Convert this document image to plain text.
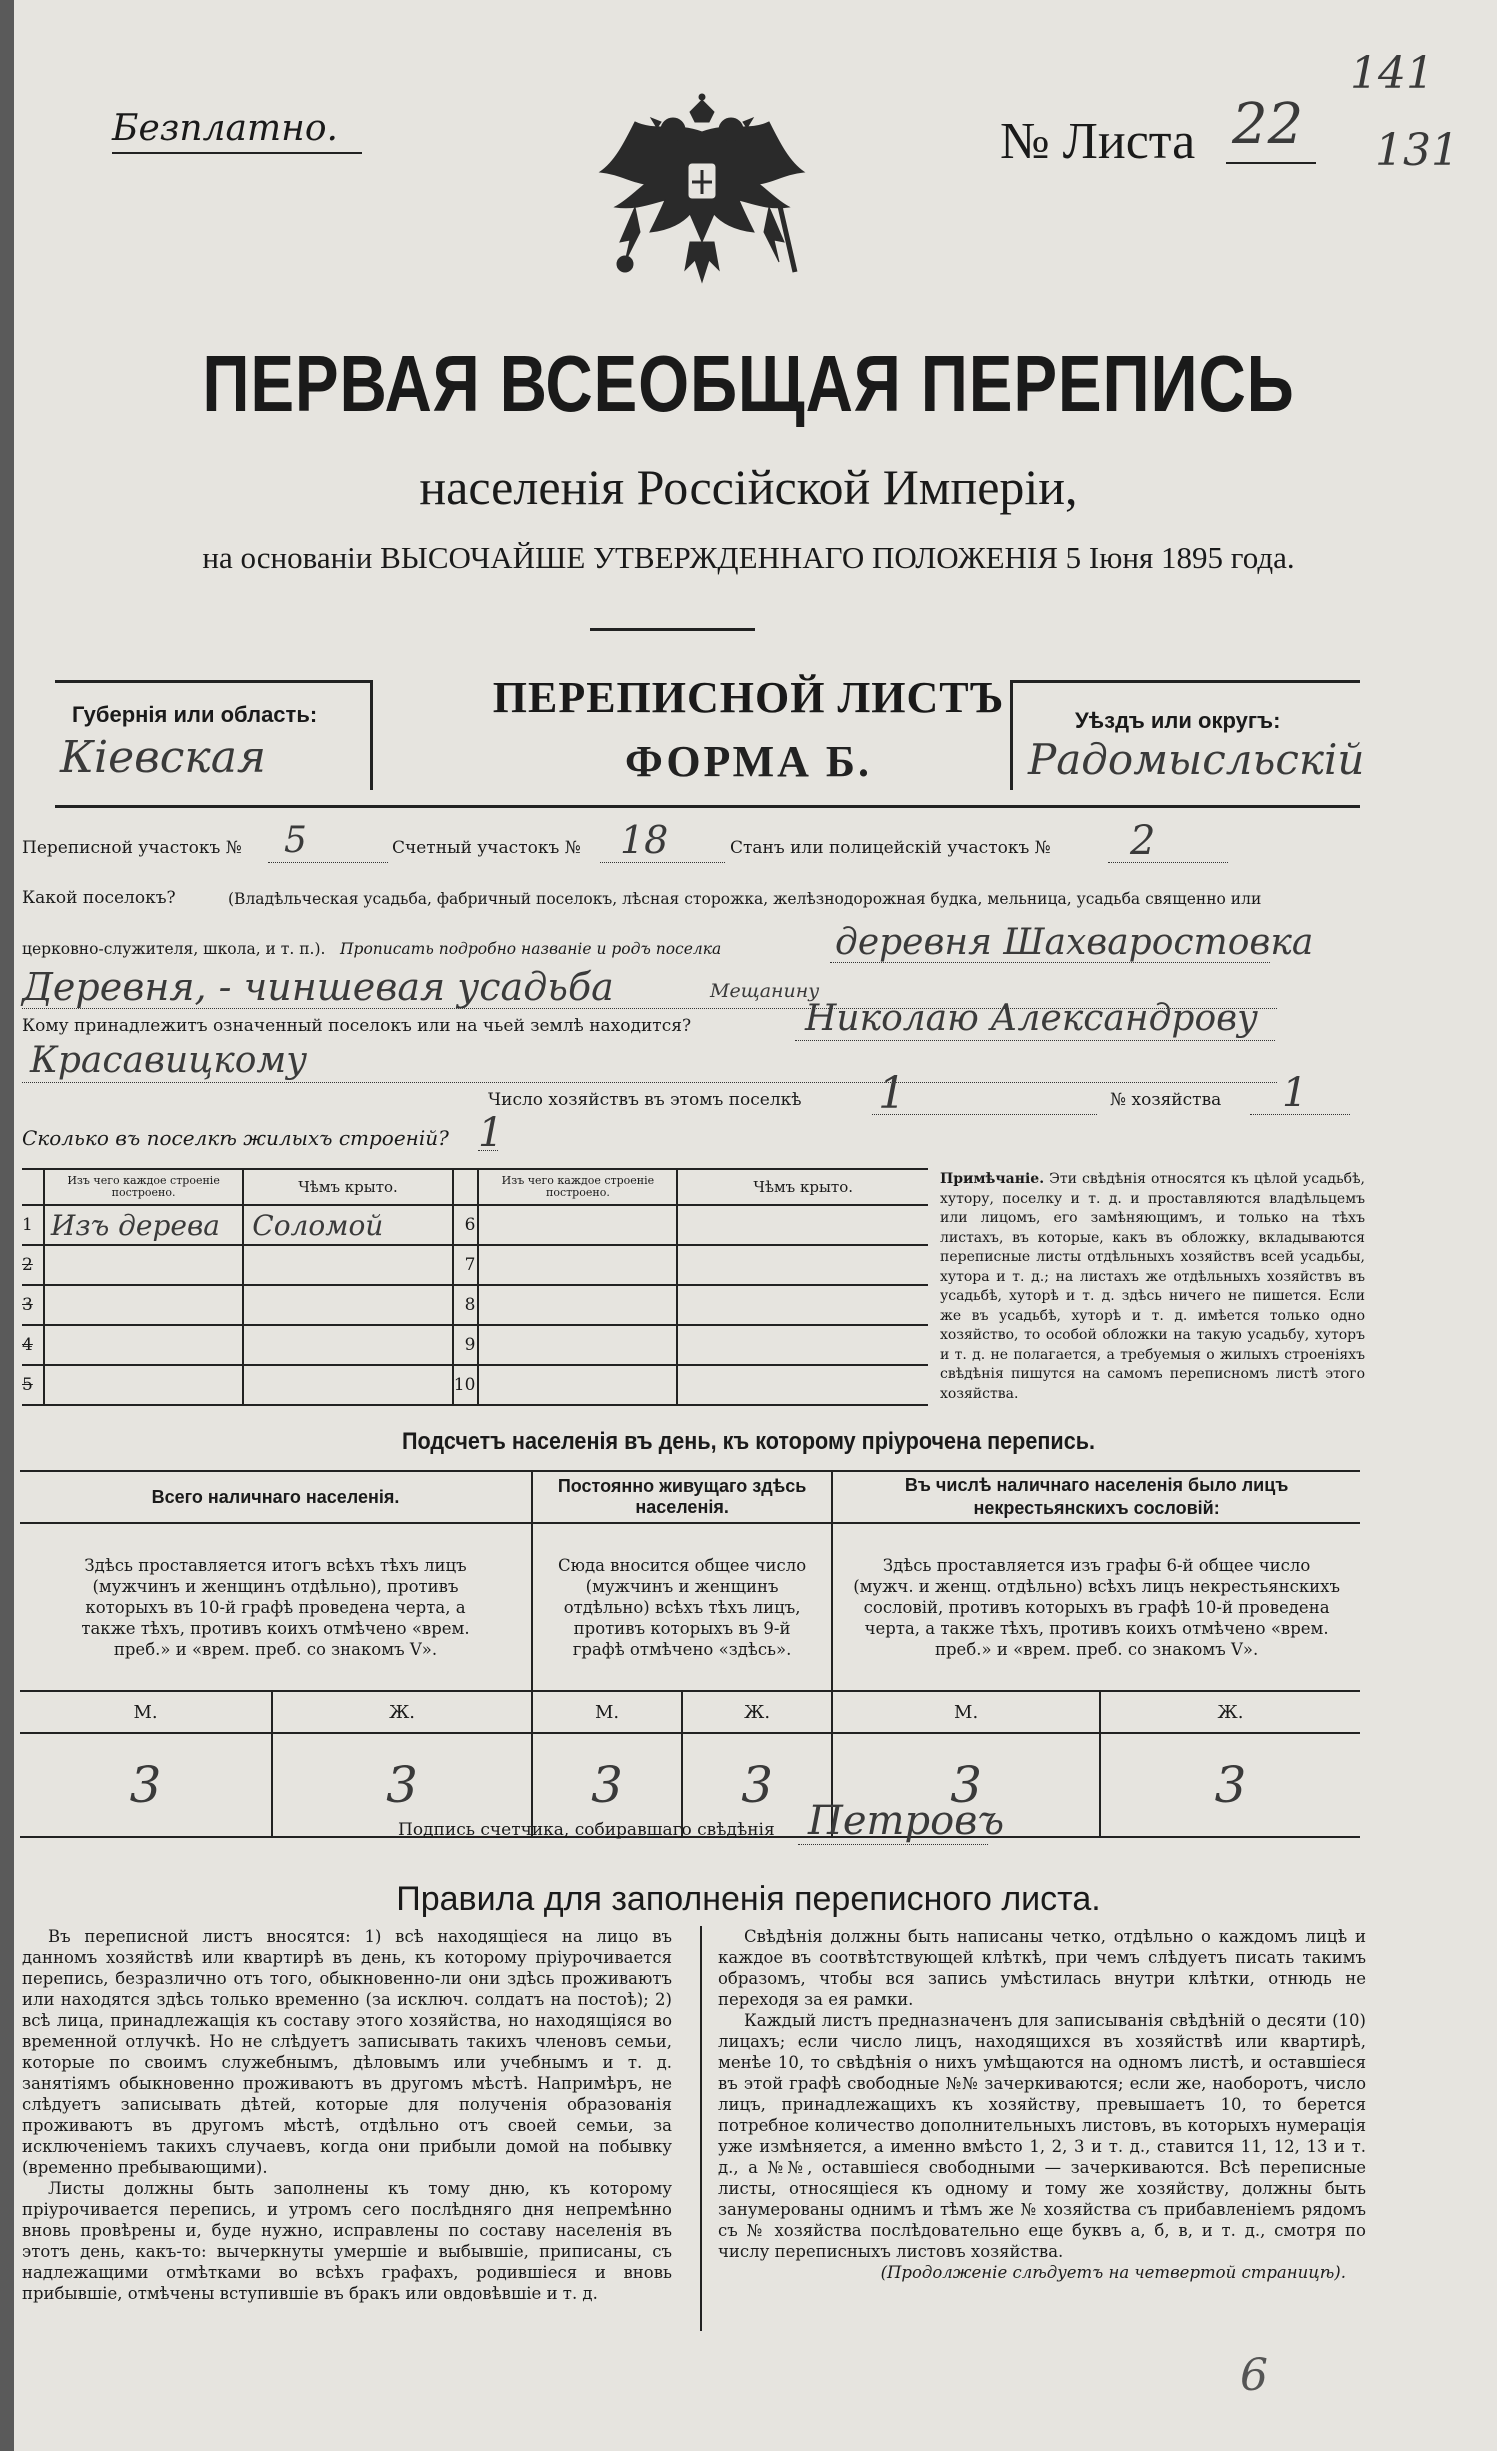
Безплатно.	№ Листа 22
141
131
ПЕРВАЯ ВСЕОБЩАЯ ПЕРЕПИСЬ
населенія Россійской Имперіи,
на основаніи ВЫСОЧАЙШЕ УТВЕРЖДЕННАГО ПОЛОЖЕНІЯ 5 Іюня 1895 года.
Губернія или область:
Кiевская
Уѣздъ или округъ:
Радомысльскiй
ПЕРЕПИСНОЙ ЛИСТЪ
ФОРМА Б.
Переписной участокъ № 5	Счетный участокъ № 18	Станъ или полицейскій участокъ № 2
Какой поселокъ?	(Владѣльческая усадьба, фабричный поселокъ, лѣсная сторожка, желѣзнодорожная будка, мельница, усадьба священно или
церковно-служителя, школа, и т. п.). Прописать подробно названіе и родъ поселка	деревня Шахвароcтовка
Деревня, - чиншевая усадьба	Мещанину
Кому принадлежитъ означенный поселокъ или на чьей землѣ находится?	Николаю Александрову
Красавицкому
Число хозяйствъ въ этомъ поселкѣ 1	№ хозяйства 1
Сколько въ поселкѣ жилыхъ строеній? 1
	Изъ чего каждое строеніе построено.	Чѣмъ крыто.		Изъ чего каждое строеніе построено.	Чѣмъ крыто.
1	Изъ дерева	Соломой	6		
2			7		
3			8		
4			9		
5			10		
Примѣчаніе. Эти свѣдѣнія относятся къ цѣлой усадьбѣ, хутору, поселку и т. д. и проставляются владѣльцемъ или лицомъ, его замѣняющимъ, и только на тѣхъ листахъ, въ которые, какъ въ обложку, вкладываются переписные листы отдѣльныхъ хозяйствъ всей усадьбы, хутора и т. д.; на листахъ же отдѣльныхъ хозяйствъ въ усадьбѣ, хуторѣ и т. д. здѣсь ничего не пишется. Если же въ усадьбѣ, хуторѣ и т. д. имѣется только одно хозяйство, то особой обложки на такую усадьбу, хуторъ и т. д. не полагается, а требуемыя о жилыхъ строеніяхъ свѣдѣнія пишутся на самомъ переписномъ листѣ этого хозяйства.
Подсчетъ населенія въ день, къ которому пріурочена перепись.
Всего наличнаго населенія.		Постоянно живущаго здѣсь населенія.		Въ числѣ наличнаго населенія было лицъ некрестьянскихъ сословій:	
Здѣсь проставляется итогъ всѣхъ тѣхъ лицъ (мужчинъ и женщинъ отдѣльно), противъ которыхъ въ 10-й графѣ проведена черта, а также тѣхъ, противъ коихъ отмѣчено «врем. преб.» и «врем. преб. со знакомъ V».		Сюда вносится общее число (мужчинъ и женщинъ отдѣльно) всѣхъ тѣхъ лицъ, противъ которыхъ въ 9-й графѣ отмѣчено «здѣсь».		Здѣсь проставляется изъ графы 6-й общее число (мужч. и женщ. отдѣльно) всѣхъ лицъ некрестьянскихъ сословій, противъ которыхъ въ графѣ 10-й проведена черта, а также тѣхъ, противъ коихъ отмѣчено «врем. преб.» и «врем. преб. со знакомъ V».	
М.	Ж.	М.	Ж.	М.	Ж.
3	3	3	3	3	3
Подпись счетчика, собиравшаго свѣдѣнія Петровъ
Правила для заполненія переписного листа.

Въ переписной листъ вносятся: 1) всѣ находящіеся на лицо въ данномъ хозяйствѣ или квартирѣ въ день, къ которому пріурочивается перепись, безразлично отъ того, обыкновенно-ли они здѣсь проживаютъ или находятся здѣсь только временно (за исключ. солдатъ на постоѣ); 2) всѣ лица, принадлежащія къ составу этого хозяйства, но находящіяся во временной отлучкѣ. Но не слѣдуетъ записывать такихъ членовъ семьи, которые по своимъ служебнымъ, дѣловымъ или учебнымъ и т. д. занятіямъ обыкновенно проживаютъ въ другомъ мѣстѣ. Напримѣръ, не слѣдуетъ записывать дѣтей, которые для полученія образованія проживаютъ въ другомъ мѣстѣ, отдѣльно отъ своей семьи, за исключеніемъ такихъ случаевъ, когда они прибыли домой на побывку (временно пребывающими).

Листы должны быть заполнены къ тому дню, къ которому пріурочивается перепись, и утромъ сего послѣдняго дня непремѣнно вновь провѣрены и, буде нужно, исправлены по составу населенія въ этотъ день, какъ-то: вычеркнуты умершіе и выбывшіе, приписаны, съ надлежащими отмѣтками во всѣхъ графахъ, родившіеся и вновь прибывшіе, отмѣчены вступившіе въ бракъ или овдовѣвшіе и т. д.

Свѣдѣнія должны быть написаны четко, отдѣльно о каждомъ лицѣ и каждое въ соотвѣтствующей клѣткѣ, при чемъ слѣдуетъ писать такимъ образомъ, чтобы вся запись умѣстилась внутри клѣтки, отнюдь не переходя за ея рамки.

Каждый листъ предназначенъ для записыванія свѣдѣній о десяти (10) лицахъ; если число лицъ, находящихся въ хозяйствѣ или квартирѣ, менѣе 10, то свѣдѣнія о нихъ умѣщаются на одномъ листѣ, и оставшіеся въ этой графѣ свободные №№ зачеркиваются; если же, наоборотъ, число лицъ, принадлежащихъ къ хозяйству, превышаетъ 10, то берется потребное количество дополнительныхъ листовъ, въ которыхъ нумерація уже измѣняется, а именно вмѣсто 1, 2, 3 и т. д., ставится 11, 12, 13 и т. д., а №№, оставшіеся свободными — зачеркиваются. Всѣ переписные листы, относящіеся къ одному и тому же хозяйству, должны быть занумерованы однимъ и тѣмъ же № хозяйства съ прибавленіемъ рядомъ съ № хозяйства послѣдовательно еще буквъ а, б, в, и т. д., смотря по числу переписныхъ листовъ хозяйства.

(Продолженіе слѣдуетъ на четвертой страницѣ).

6
